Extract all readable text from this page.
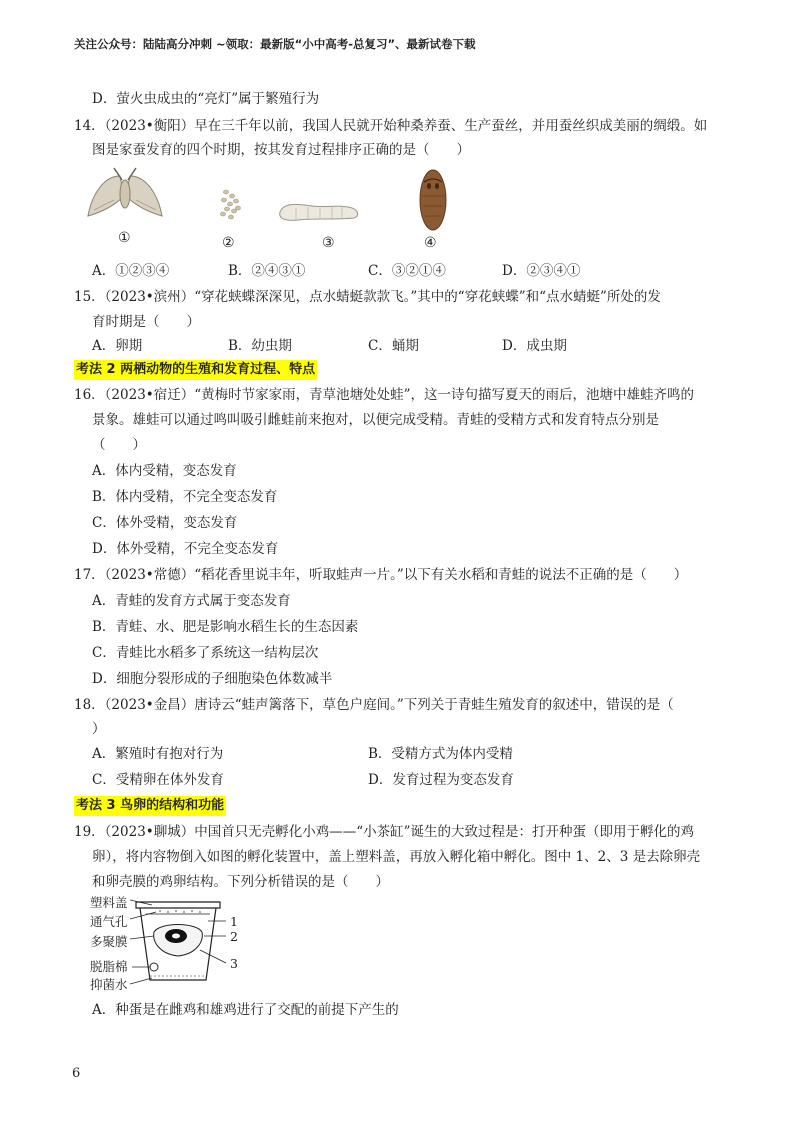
关注公众号：陆陆高分冲刺 ~领取：最新版“小中高考-总复习”、最新试卷下载
D．萤火虫成虫的“亮灯”属于繁殖行为
14．（2023•衡阳）早在三千年以前，我国人民就开始种桑养蚕、生产蚕丝，并用蚕丝织成美丽的绸缎。如
图是家蚕发育的四个时期，按其发育过程排序正确的是（　　）
①	②	③	④
A．①②③④	B．②④③①	C．③②①④	D．②③④①
15．（2023•滨州）“穿花蛱蝶深深见，点水蜻蜓款款飞。”其中的“穿花蛱蝶”和“点水蜻蜓”所处的发
育时期是（　　）
A．卵期	B．幼虫期	C．蛹期	D．成虫期
考法 2 两栖动物的生殖和发育过程、特点
16．（2023•宿迁）“黄梅时节家家雨，青草池塘处处蛙”，这一诗句描写夏天的雨后，池塘中雄蛙齐鸣的
景象。雄蛙可以通过鸣叫吸引雌蛙前来抱对，以便完成受精。青蛙的受精方式和发育特点分别是
（　　）
A．体内受精，变态发育
B．体内受精，不完全变态发育
C．体外受精，变态发育
D．体外受精，不完全变态发育
17．（2023•常德）“稻花香里说丰年，听取蛙声一片。”以下有关水稻和青蛙的说法不正确的是（　　）
A．青蛙的发育方式属于变态发育
B．青蛙、水、肥是影响水稻生长的生态因素
C．青蛙比水稻多了系统这一结构层次
D．细胞分裂形成的子细胞染色体数减半
18．（2023•金昌）唐诗云“蛙声篱落下，草色户庭间。”下列关于青蛙生殖发育的叙述中，错误的是（
）
A．繁殖时有抱对行为	B．受精方式为体内受精
C．受精卵在体外发育	D．发育过程为变态发育
考法 3 鸟卵的结构和功能
19．（2023•聊城）中国首只无壳孵化小鸡——“小茶缸”诞生的大致过程是：打开种蛋（即用于孵化的鸡
卵），将内容物倒入如图的孵化装置中，盖上塑料盖，再放入孵化箱中孵化。图中 1、2、3 是去除卵壳
和卵壳膜的鸡卵结构。下列分析错误的是（　　）
塑料盖
通气孔
多聚膜
脱脂棉
抑菌水
1
2
3
A．种蛋是在雌鸡和雄鸡进行了交配的前提下产生的
6
